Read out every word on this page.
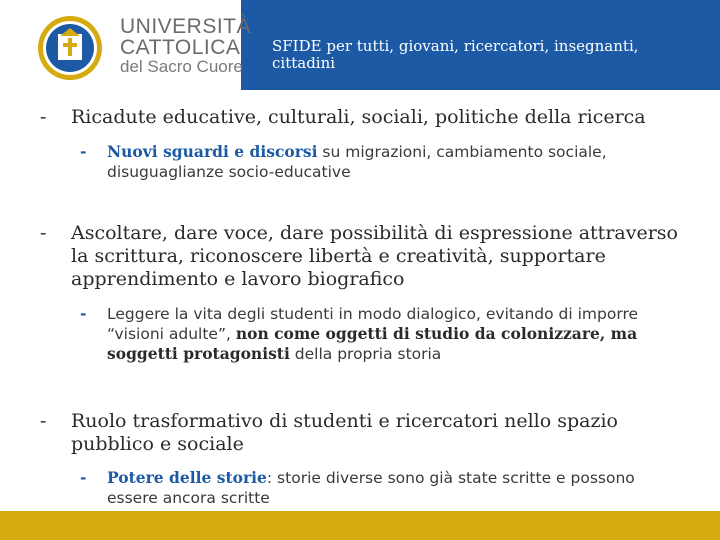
SFIDE per tutti, giovani, ricercatori, insegnanti, cittadini
UNIVERSITÀ
CATTOLICA
del Sacro Cuore
- Ricadute educative, culturali, sociali, politiche della ricerca
- Nuovi sguardi e discorsi su migrazioni, cambiamento sociale, disuguaglianze socio-educative
- Ascoltare, dare voce, dare possibilità di espressione attraverso la scrittura, riconoscere libertà e creatività, supportare apprendimento e lavoro biografico
- Leggere la vita degli studenti in modo dialogico, evitando di imporre “visioni adulte”, non come oggetti di studio da colonizzare, ma soggetti protagonisti della propria storia
- Ruolo trasformativo di studenti e ricercatori nello spazio pubblico e sociale
- Potere delle storie: storie diverse sono già state scritte e possono essere ancora scritte
